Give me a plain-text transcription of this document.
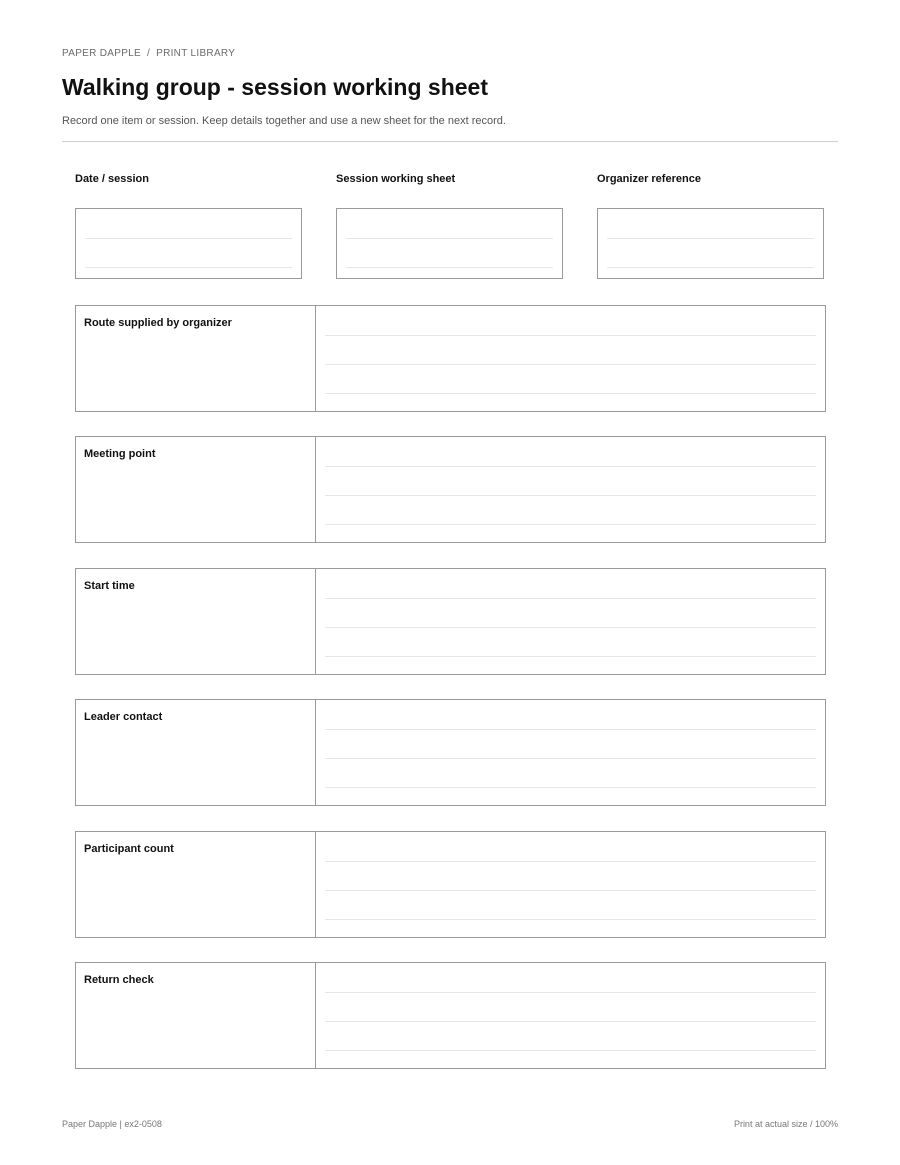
PAPER DAPPLE / PRINT LIBRARY
Walking group - session working sheet
Record one item or session. Keep details together and use a new sheet for the next record.
Date / session	Session working sheet	Organizer reference
Route supplied by organizer
Meeting point
Start time
Leader contact
Participant count
Return check
Paper Dapple | ex2-0508	Print at actual size / 100%
